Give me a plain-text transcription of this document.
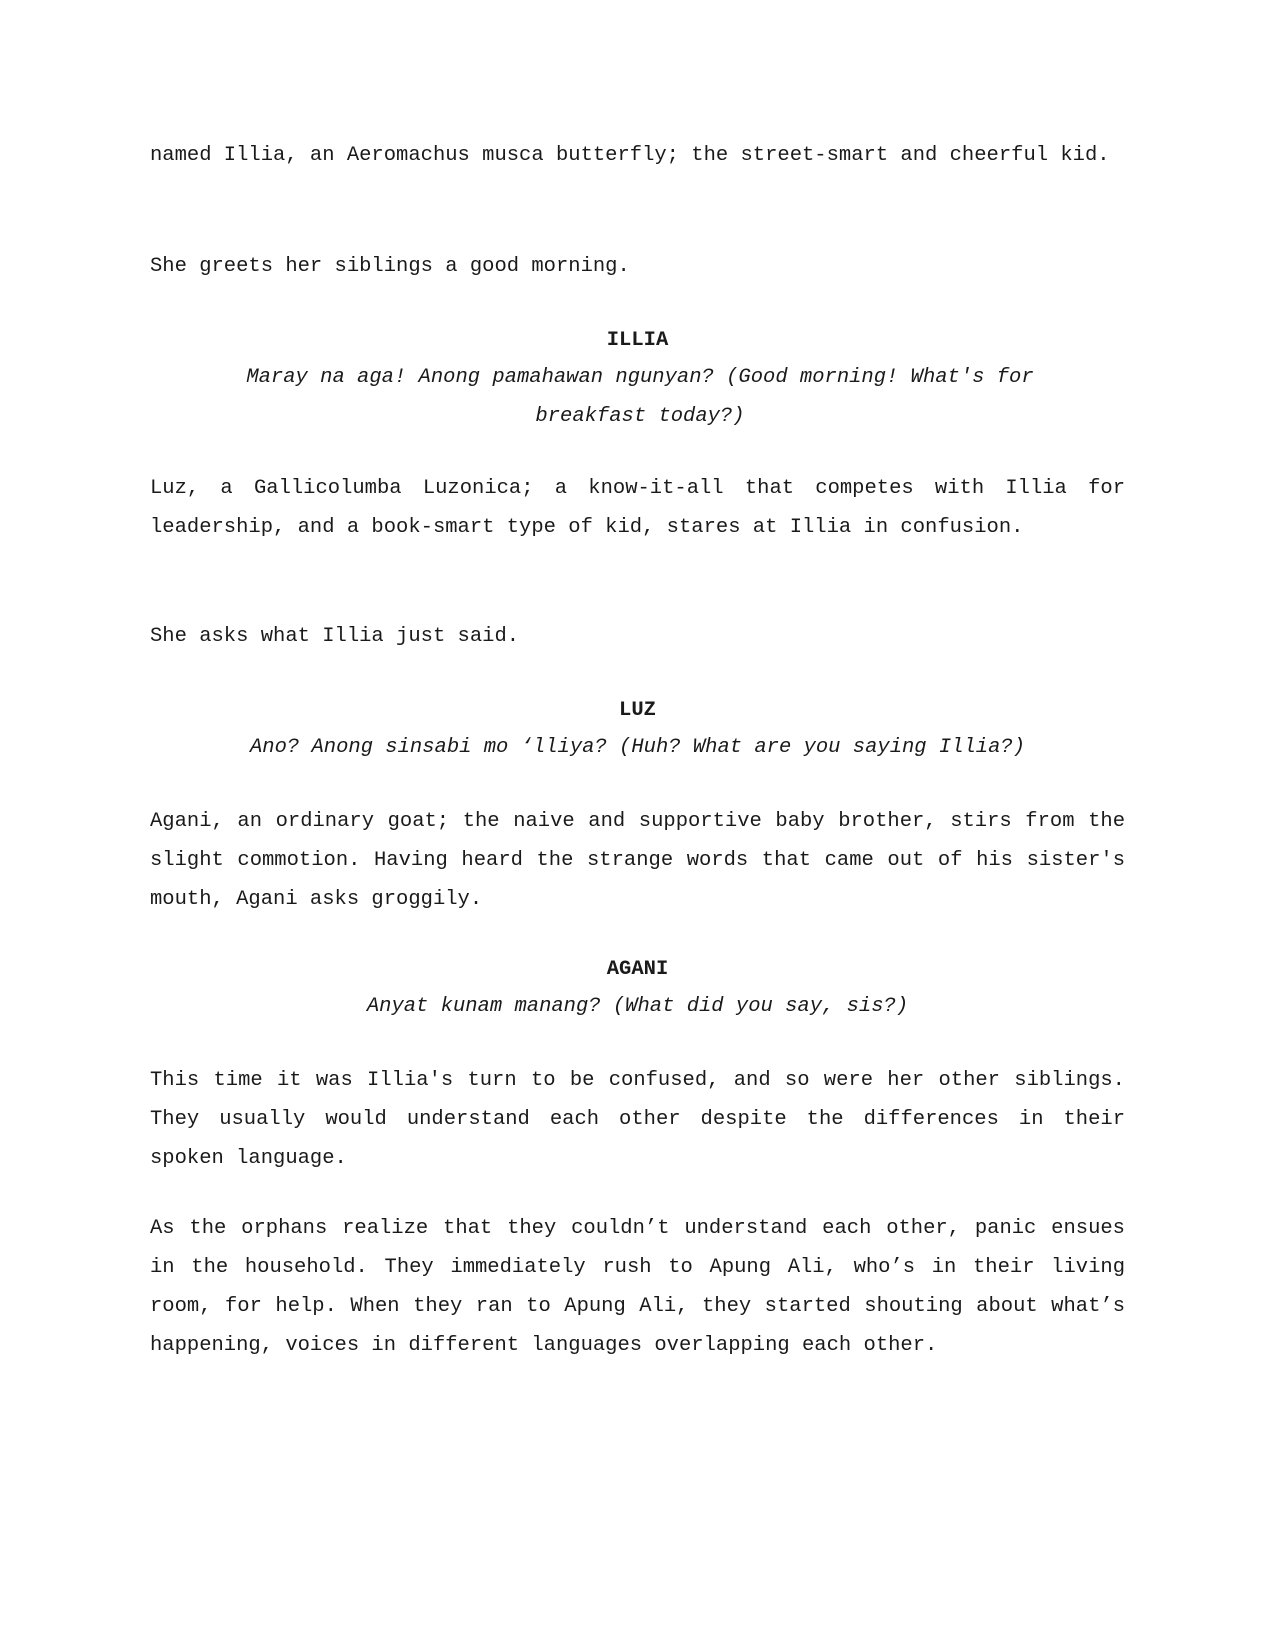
named Illia, an Aeromachus musca butterfly; the street-smart and cheerful kid.

She greets her siblings a good morning.

ILLIA

Maray na aga! Anong pamahawan ngunyan? (Good morning! What's for breakfast today?)

Luz, a Gallicolumba Luzonica; a know-it-all that competes with Illia for leadership, and a book-smart type of kid, stares at Illia in confusion.

She asks what Illia just said.

LUZ

Ano? Anong sinsabi mo ‘lliya? (Huh? What are you saying Illia?)

Agani, an ordinary goat; the naive and supportive baby brother, stirs from the slight commotion. Having heard the strange words that came out of his sister's mouth, Agani asks groggily.

AGANI

Anyat kunam manang? (What did you say, sis?)

This time it was Illia's turn to be confused, and so were her other siblings. They usually would understand each other despite the differences in their spoken language.

As the orphans realize that they couldn’t understand each other, panic ensues in the household. They immediately rush to Apung Ali, who’s in their living room, for help. When they ran to Apung Ali, they started shouting about what’s happening, voices in different languages overlapping each other.
